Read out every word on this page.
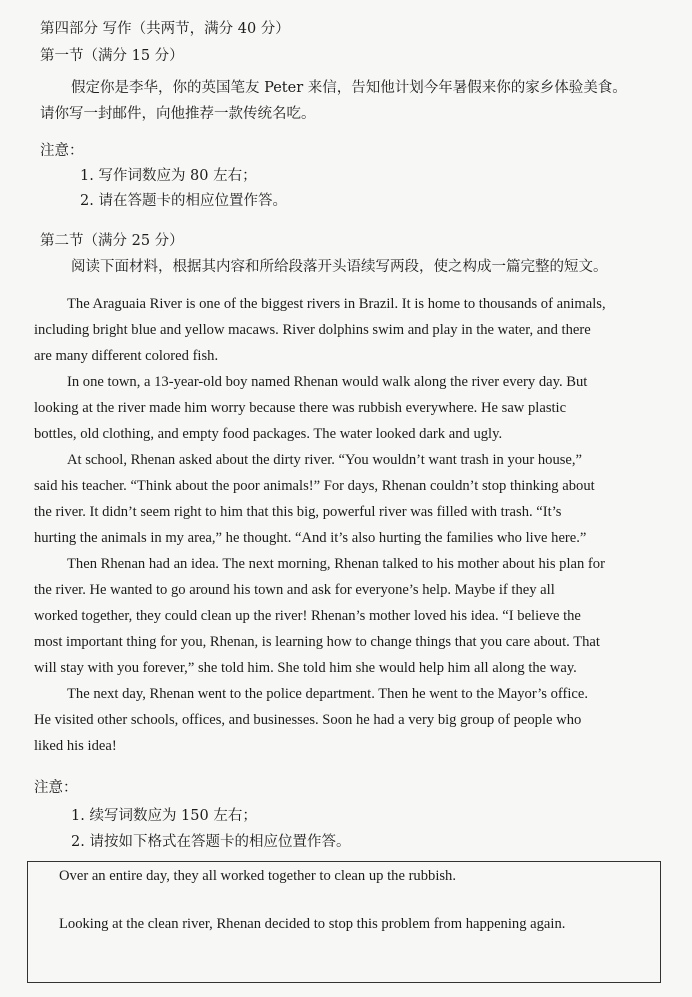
第四部分 写作（共两节，满分 40 分）
第一节（满分 15 分）
假定你是李华，你的英国笔友 Peter 来信，告知他计划今年暑假来你的家乡体验美食。
请你写一封邮件，向他推荐一款传统名吃。
注意：
1. 写作词数应为 80 左右；
2. 请在答题卡的相应位置作答。
第二节（满分 25 分）
阅读下面材料，根据其内容和所给段落开头语续写两段，使之构成一篇完整的短文。
The Araguaia River is one of the biggest rivers in Brazil. It is home to thousands of animals,
including bright blue and yellow macaws. River dolphins swim and play in the water, and there
are many different colored fish.
In one town, a 13-year-old boy named Rhenan would walk along the river every day. But
looking at the river made him worry because there was rubbish everywhere. He saw plastic
bottles, old clothing, and empty food packages. The water looked dark and ugly.
At school, Rhenan asked about the dirty river. “You wouldn’t want trash in your house,”
said his teacher. “Think about the poor animals!” For days, Rhenan couldn’t stop thinking about
the river. It didn’t seem right to him that this big, powerful river was filled with trash. “It’s
hurting the animals in my area,” he thought. “And it’s also hurting the families who live here.”
Then Rhenan had an idea. The next morning, Rhenan talked to his mother about his plan for
the river. He wanted to go around his town and ask for everyone’s help. Maybe if they all
worked together, they could clean up the river! Rhenan’s mother loved his idea. “I believe the
most important thing for you, Rhenan, is learning how to change things that you care about. That
will stay with you forever,” she told him. She told him she would help him all along the way.
The next day, Rhenan went to the police department. Then he went to the Mayor’s office.
He visited other schools, offices, and businesses. Soon he had a very big group of people who
liked his idea!
注意：
1. 续写词数应为 150 左右；
2. 请按如下格式在答题卡的相应位置作答。
Over an entire day, they all worked together to clean up the rubbish.
Looking at the clean river, Rhenan decided to stop this problem from happening again.
